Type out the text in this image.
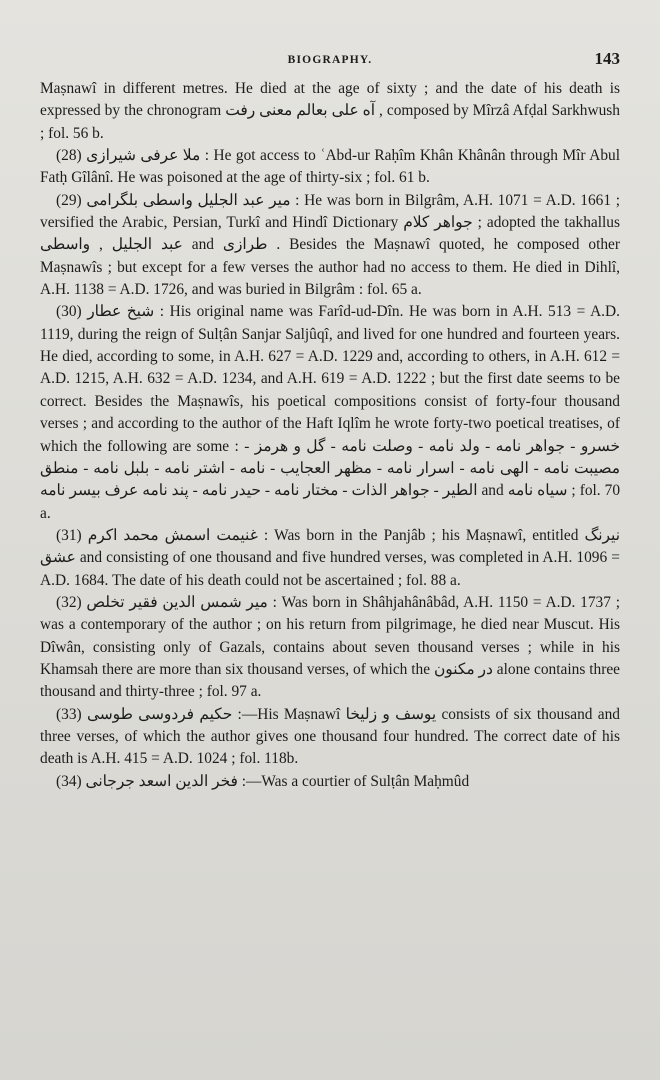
BIOGRAPHY.	143

Maṣnawî in different metres. He died at the age of sixty ; and the date of his death is expressed by the chronogram آه علی بعالم معنی رفت , composed by Mîrzâ Afḍal Sarkhwush ; fol. 56 b.

(28) ملا عرفی شیرازی : He got access to ʿAbd-ur Raḥîm Khân Khânân through Mîr Abul Fatḥ Gîlânî. He was poisoned at the age of thirty-six ; fol. 61 b.

(29) میر عبد الجلیل واسطی بلگرامی : He was born in Bilgrâm, A.H. 1071 = A.D. 1661 ; versified the Arabic, Persian, Turkî and Hindî Dictionary جواهر کلام ; adopted the takhallus عبد الجلیل , واسطی and طرازی . Besides the Maṣnawî quoted, he composed other Maṣnawîs ; but except for a few verses the author had no access to them. He died in Dihlî, A.H. 1138 = A.D. 1726, and was buried in Bilgrâm : fol. 65 a.

(30) شیخ عطار : His original name was Farîd-ud-Dîn. He was born in A.H. 513 = A.D. 1119, during the reign of Sulṭân Sanjar Saljûqî, and lived for one hundred and fourteen years. He died, according to some, in A.H. 627 = A.D. 1229 and, according to others, in A.H. 612 = A.D. 1215, A.H. 632 = A.D. 1234, and A.H. 619 = A.D. 1222 ; but the first date seems to be correct. Besides the Maṣnawîs, his poetical compositions consist of forty-four thousand verses ; and according to the author of the Haft Iqlîm he wrote forty-two poetical treatises, of which the following are some : خسرو - جواهر نامه - ولد نامه - وصلت نامه - گل و هرمز - مصیبت نامه - الهی نامه - اسرار نامه - مظهر العجایب - نامه - اشتر نامه - بلبل نامه - منطق الطیر - جواهر الذات - مختار نامه - حیدر نامه - پند نامه عرف بیسر نامه and سیاه نامه ; fol. 70 a.

(31) غنیمت اسمش محمد اکرم : Was born in the Panjâb ; his Maṣnawî, entitled نیرنگ عشق and consisting of one thousand and five hundred verses, was completed in A.H. 1096 = A.D. 1684. The date of his death could not be ascertained ; fol. 88 a.

(32) میر شمس الدین فقیر تخلص : Was born in Shâhjahânâbâd, A.H. 1150 = A.D. 1737 ; was a contemporary of the author ; on his return from pilgrimage, he died near Muscut. His Dîwân, consisting only of Gazals, contains about seven thousand verses ; while in his Khamsah there are more than six thousand verses, of which the در مکنون alone contains three thousand and thirty-three ; fol. 97 a.

(33) حکیم فردوسی طوسی :—His Maṣnawî یوسف و زلیخا consists of six thousand and three verses, of which the author gives one thousand four hundred. The correct date of his death is A.H. 415 = A.D. 1024 ; fol. 118b.

(34) فخر الدین اسعد جرجانی :—Was a courtier of Sulṭân Maḥmûd
